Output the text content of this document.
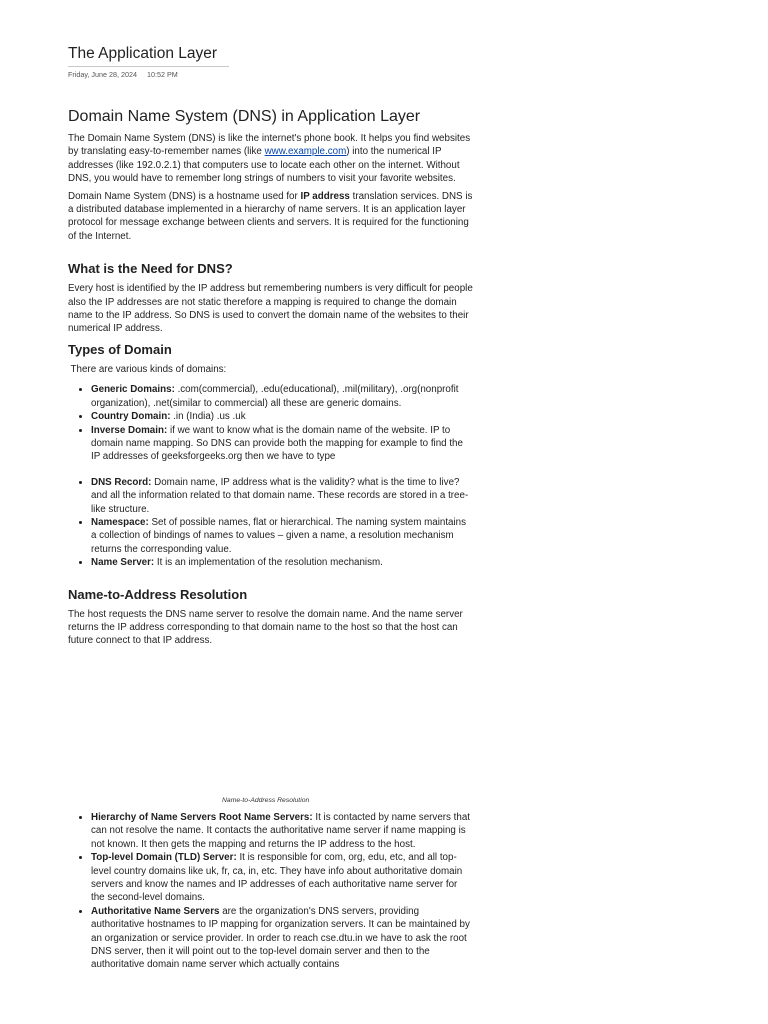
The Application Layer
Friday, June 28, 2024 10:52 PM
Domain Name System (DNS) in Application Layer

The Domain Name System (DNS) is like the internet's phone book. It helps you find websites by translating easy-to-remember names (like www.example.com) into the numerical IP addresses (like 192.0.2.1) that computers use to locate each other on the internet. Without DNS, you would have to remember long strings of numbers to visit your favorite websites.

Domain Name System (DNS) is a hostname used for IP address translation services. DNS is a distributed database implemented in a hierarchy of name servers. It is an application layer protocol for message exchange between clients and servers. It is required for the functioning of the Internet.

What is the Need for DNS?

Every host is identified by the IP address but remembering numbers is very difficult for people also the IP addresses are not static therefore a mapping is required to change the domain name to the IP address. So DNS is used to convert the domain name of the websites to their numerical IP address.

Types of Domain

There are various kinds of domains:

• Generic Domains: .com(commercial), .edu(educational), .mil(military), .org(nonprofit organization), .net(similar to commercial) all these are generic domains.
• Country Domain: .in (India) .us .uk
• Inverse Domain: if we want to know what is the domain name of the website. IP to domain name mapping. So DNS can provide both the mapping for example to find the IP addresses of geeksforgeeks.org then we have to type
• DNS Record: Domain name, IP address what is the validity? what is the time to live? and all the information related to that domain name. These records are stored in a tree-like structure.
• Namespace: Set of possible names, flat or hierarchical. The naming system maintains a collection of bindings of names to values – given a name, a resolution mechanism returns the corresponding value.
• Name Server: It is an implementation of the resolution mechanism.
Name-to-Address Resolution

The host requests the DNS name server to resolve the domain name. And the name server returns the IP address corresponding to that domain name to the host so that the host can future connect to that IP address.

Name-to-Address Resolution
• Hierarchy of Name Servers Root Name Servers: It is contacted by name servers that can not resolve the name. It contacts the authoritative name server if name mapping is not known. It then gets the mapping and returns the IP address to the host.
• Top-level Domain (TLD) Server: It is responsible for com, org, edu, etc, and all top-level country domains like uk, fr, ca, in, etc. They have info about authoritative domain servers and know the names and IP addresses of each authoritative name server for the second-level domains.
• Authoritative Name Servers are the organization's DNS servers, providing authoritative hostnames to IP mapping for organization servers. It can be maintained by an organization or service provider. In order to reach cse.dtu.in we have to ask the root DNS server, then it will point out to the top-level domain server and then to the authoritative domain name server which actually contains
